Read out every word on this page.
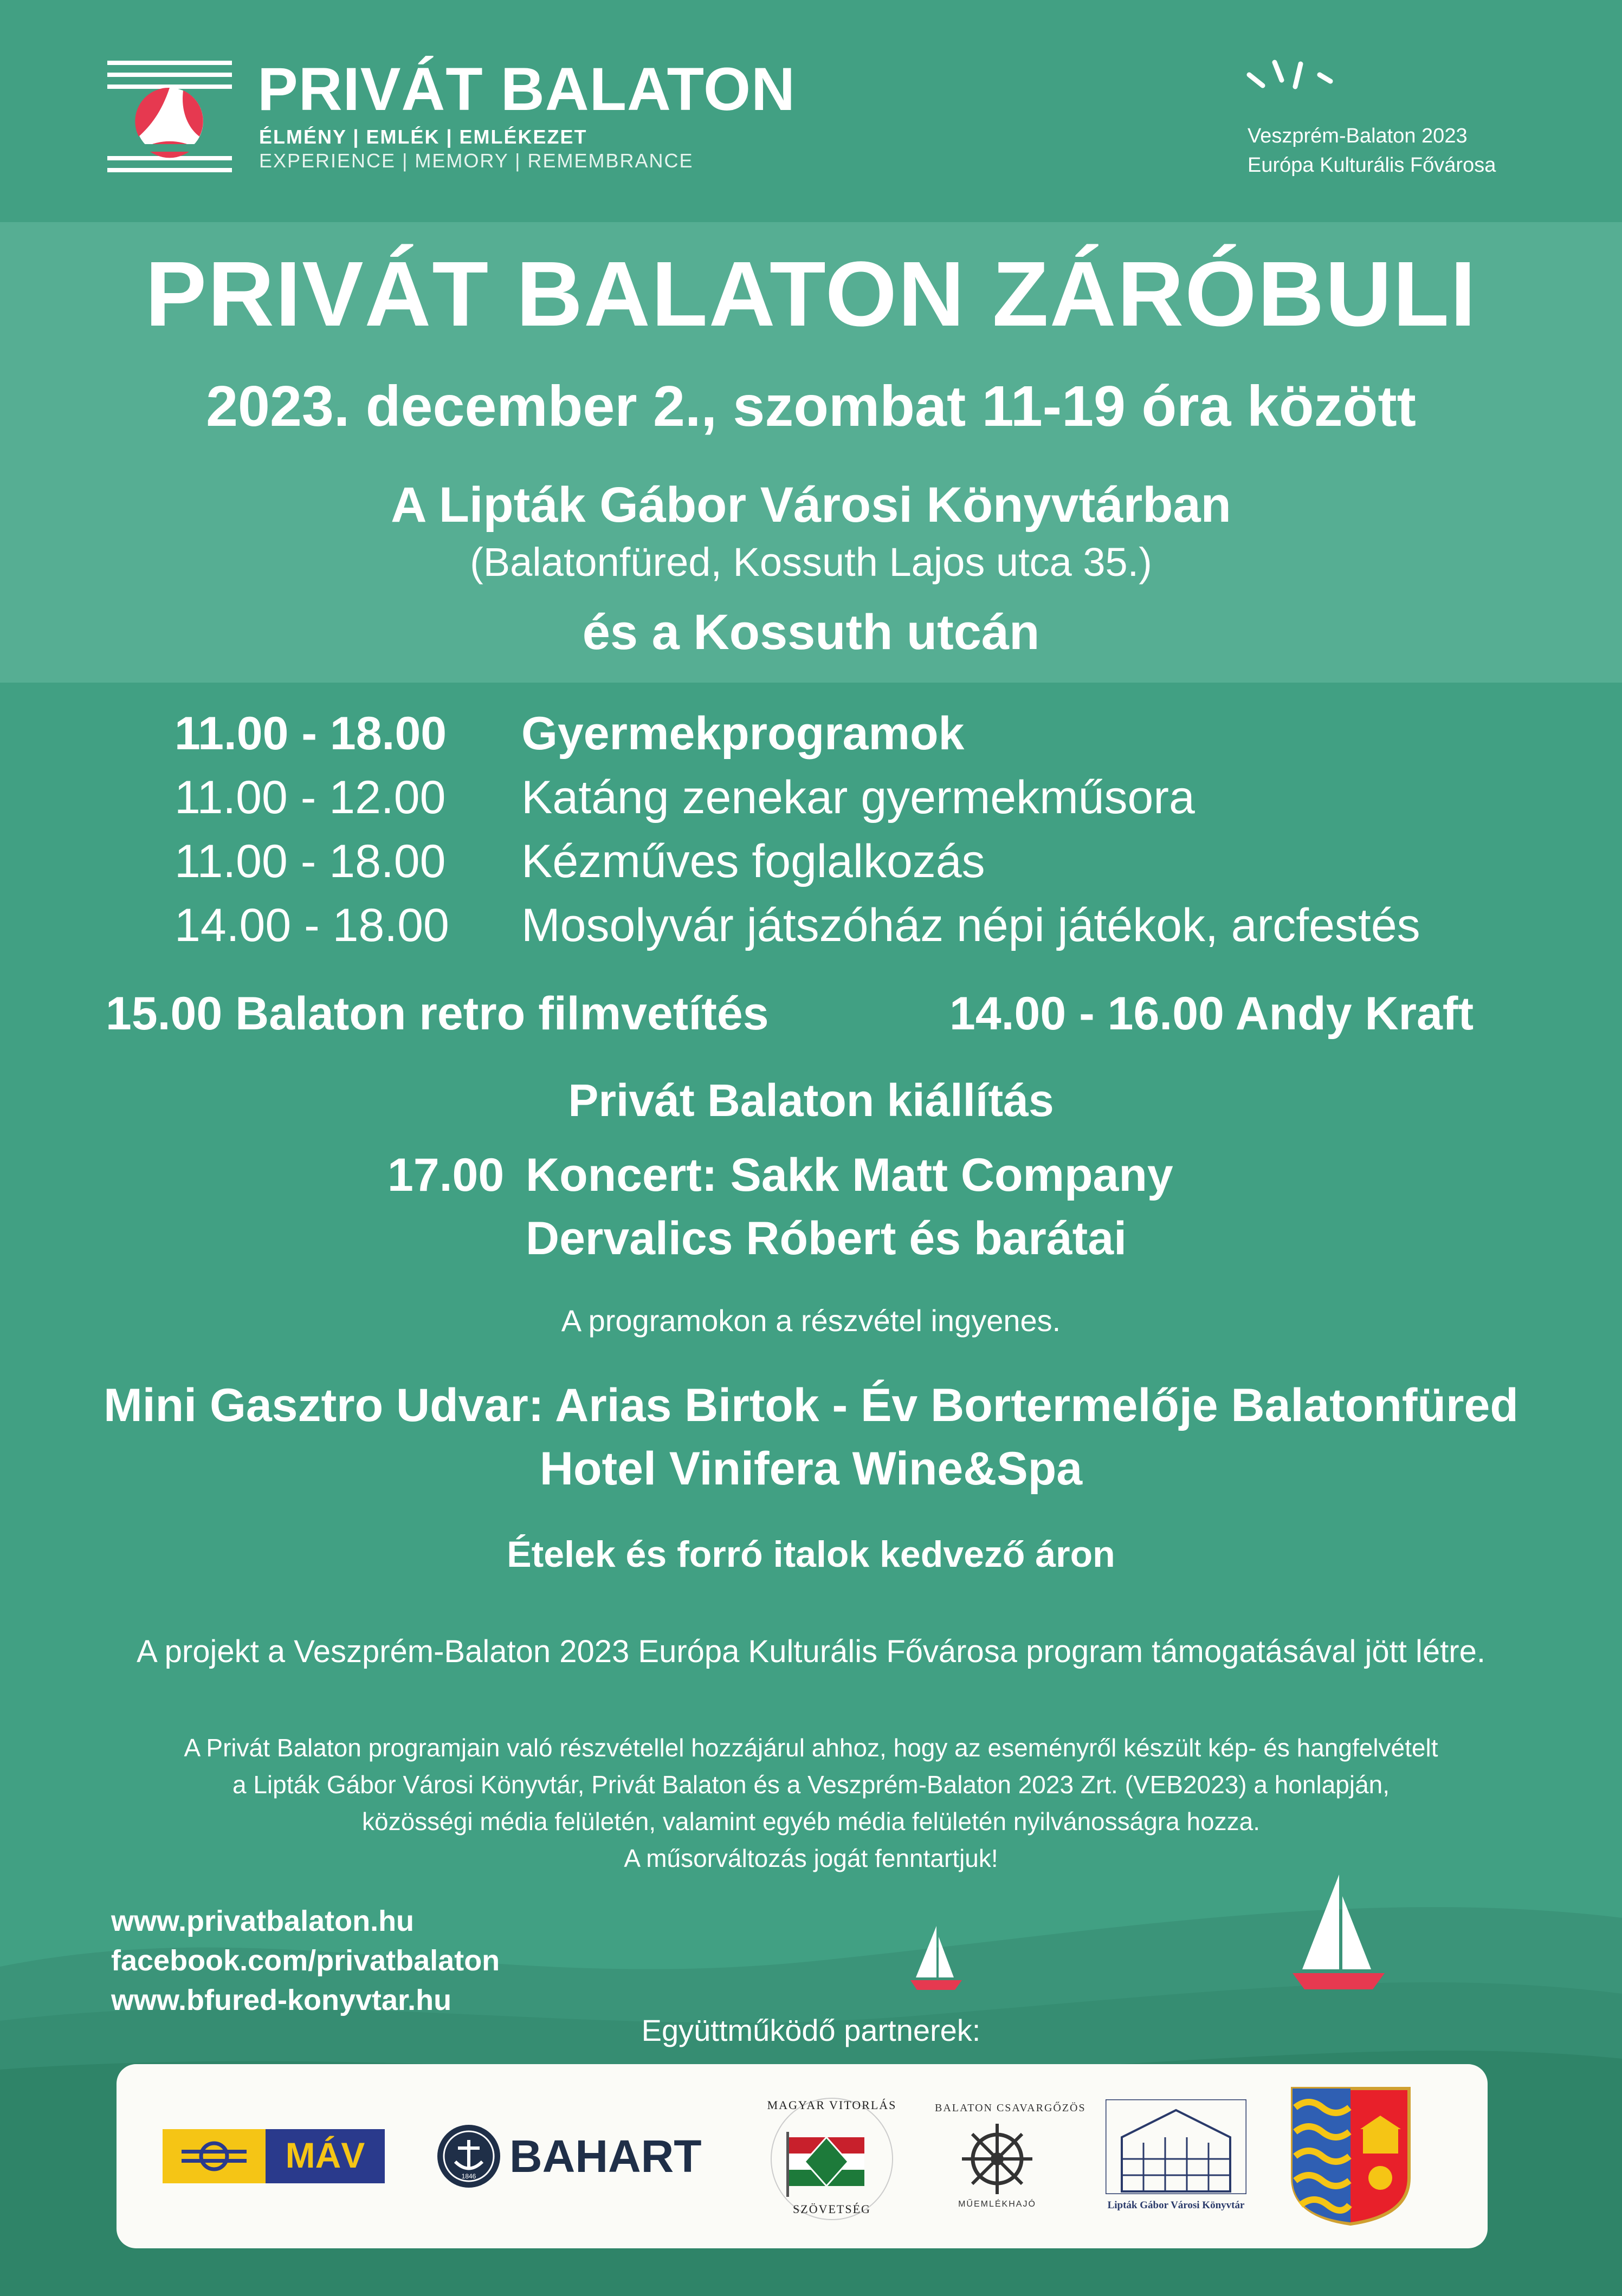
PRIVÁT BALATON
ÉLMÉNY | EMLÉK | EMLÉKEZET
EXPERIENCE | MEMORY | REMEMBRANCE
Veszprém-Balaton 2023
Európa Kulturális Fővárosa
PRIVÁT BALATON ZÁRÓBULI
2023. december 2., szombat 11-19 óra között
A Lipták Gábor Városi Könyvtárban
(Balatonfüred, Kossuth Lajos utca 35.)
és a Kossuth utcán
11.00 - 18.00 Gyermekprogramok
11.00 - 12.00 Katáng zenekar gyermekműsora
11.00 - 18.00 Kézműves foglalkozás
14.00 - 18.00 Mosolyvár játszóház népi játékok, arcfestés
15.00 Balaton retro filmvetítés	14.00 - 16.00 Andy Kraft
Privát Balaton kiállítás
17.00 Koncert: Sakk Matt Company
Dervalics Róbert és barátai
A programokon a részvétel ingyenes.
Mini Gasztro Udvar: Arias Birtok - Év Bortermelője Balatonfüred
Hotel Vinifera Wine&Spa
Ételek és forró italok kedvező áron
A projekt a Veszprém-Balaton 2023 Európa Kulturális Fővárosa program támogatásával jött létre.
A Privát Balaton programjain való részvétellel hozzájárul ahhoz, hogy az eseményről készült kép- és hangfelvételt
a Lipták Gábor Városi Könyvtár, Privát Balaton és a Veszprém-Balaton 2023 Zrt. (VEB2023) a honlapján,
közösségi média felületén, valamint egyéb média felületén nyilvánosságra hozza.
A műsorváltozás jogát fenntartjuk!
www.privatbalaton.hu
facebook.com/privatbalaton
www.bfured-konyvtar.hu
Együttműködő partnerek:
MÁV
1846 BAHART
MAGYAR VITORLÁS
SZÖVETSÉG
BALATON CSAVARGŐZÖS
MŰEMLÉKHAJÓ	Lipták Gábor Városi Könyvtár
